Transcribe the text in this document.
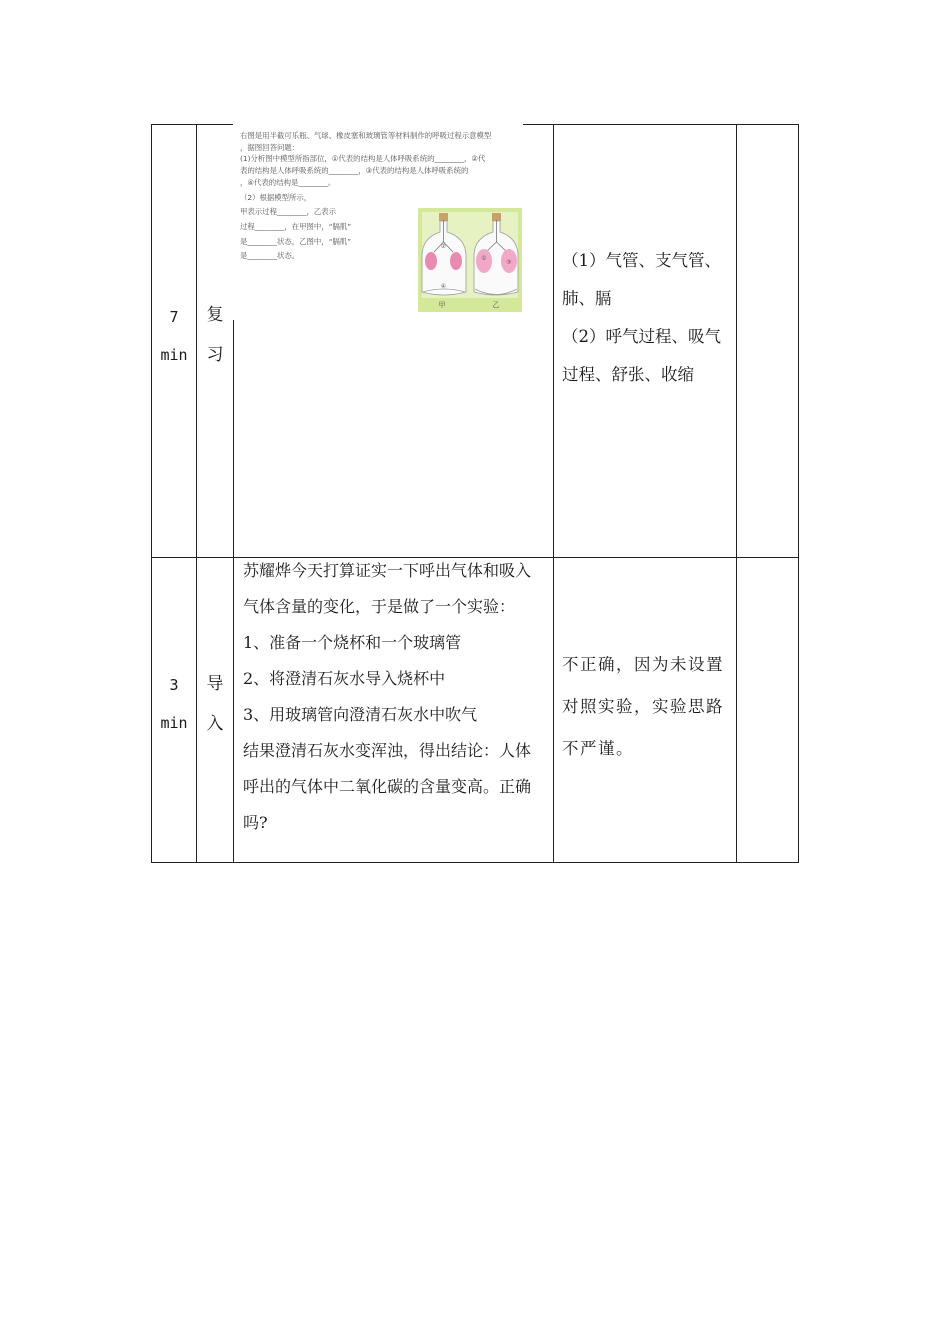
7
min
复
习
右图是用半截可乐瓶、气球、橡皮塞和玻璃管等材料制作的呼吸过程示意模型
，据图回答问题：
(1)分析图中模型所指部位，①代表的结构是人体呼吸系统的________，②代
表的结构是人体呼吸系统的________，③代表的结构是人体呼吸系统的
，④代表的结构是________。
（2）根据模型所示，
甲表示过程________，乙表示
过程________，在甲图中，“膈肌”
是________状态，乙图中，“膈肌”
是________状态。
②
④
①
③
甲	乙
（1）气管、支气管、
肺、膈
（2）呼气过程、吸气
过程、舒张、收缩
3
min
导
入
苏耀烨今天打算证实一下呼出气体和吸入
气体含量的变化，于是做了一个实验：
1、准备一个烧杯和一个玻璃管
2、将澄清石灰水导入烧杯中
3、用玻璃管向澄清石灰水中吹气
结果澄清石灰水变浑浊，得出结论：人体
呼出的气体中二氧化碳的含量变高。正确
吗?
不正确，因为未设置
对照实验，实验思路
不严谨。
